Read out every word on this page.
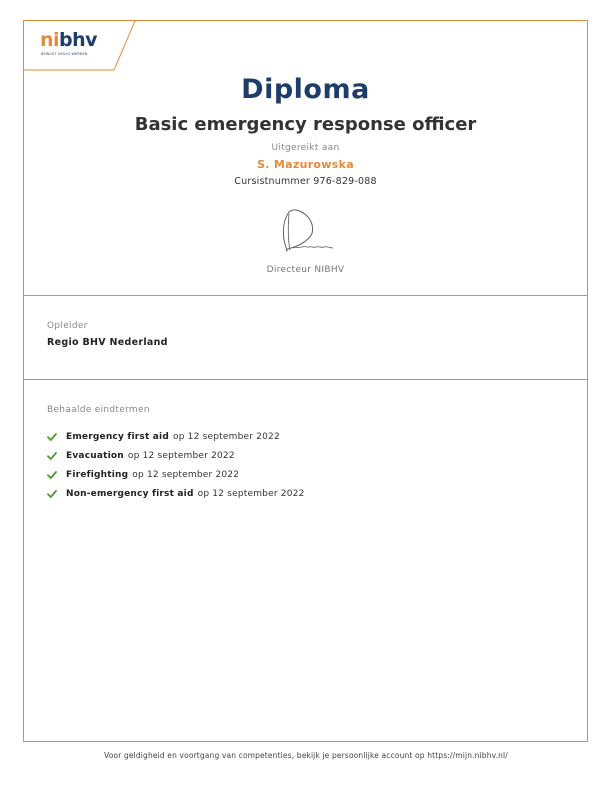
nibhv
BEWUST VEILIG WERKEN
Diploma
Basic emergency response officer
Uitgereikt aan
S. Mazurowska
Cursistnummer 976-829-088
Directeur NIBHV
Opleider
Regio BHV Nederland
Behaalde eindtermen
Emergency first aid op 12 september 2022
Evacuation op 12 september 2022
Firefighting op 12 september 2022
Non-emergency first aid op 12 september 2022
Voor geldigheid en voortgang van competenties, bekijk je persoonlijke account op https://mijn.nibhv.nl/
